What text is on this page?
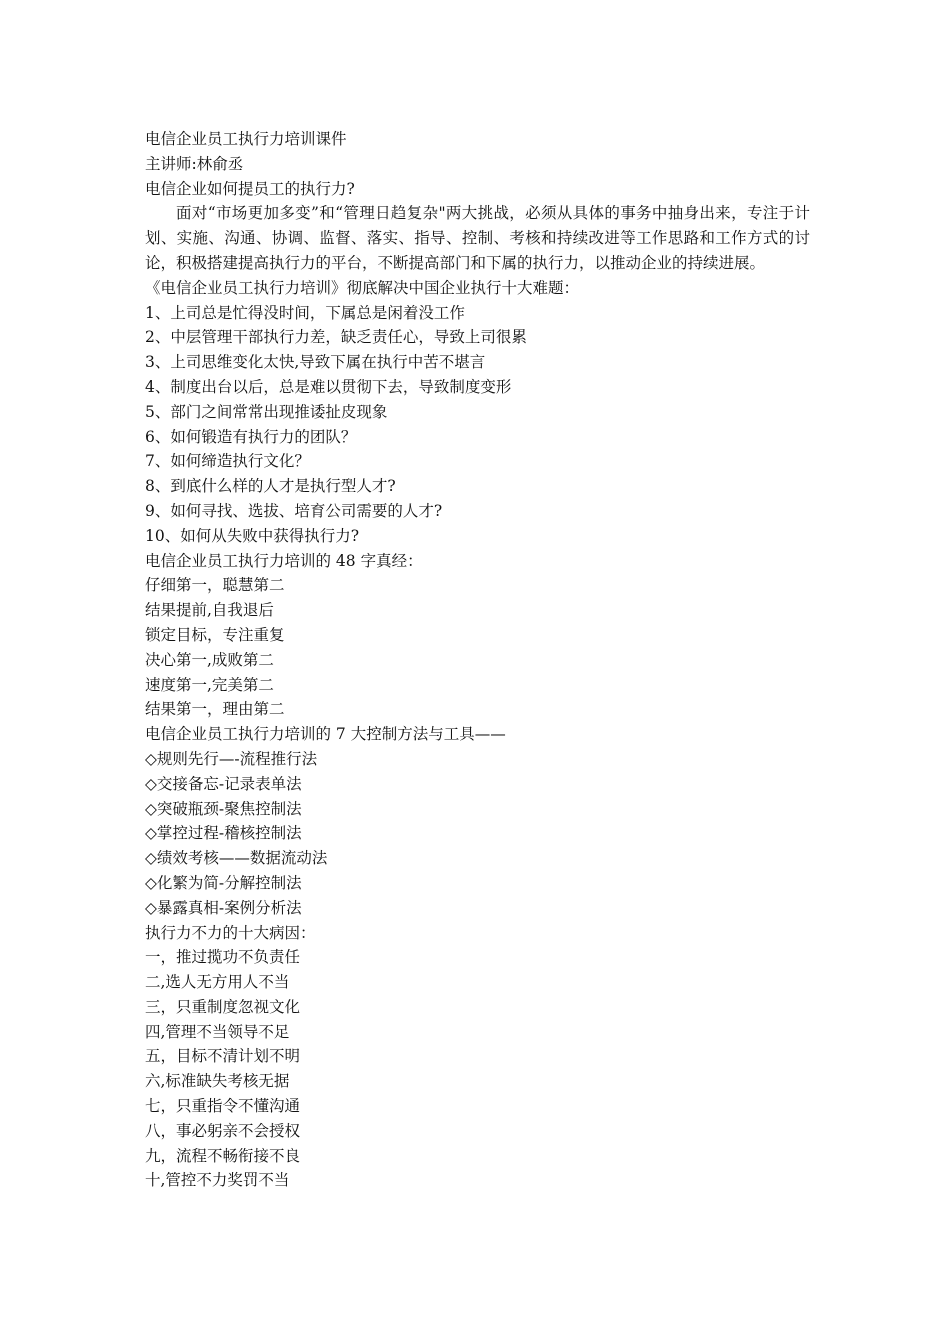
电信企业员工执行力培训课件

主讲师:林俞丞

电信企业如何提员工的执行力?

面对“市场更加多变”和“管理日趋复杂"两大挑战，必须从具体的事务中抽身出来，专注于计划、实施、沟通、协调、监督、落实、指导、控制、考核和持续改进等工作思路和工作方式的讨论，积极搭建提高执行力的平台，不断提高部门和下属的执行力，以推动企业的持续进展。

《电信企业员工执行力培训》彻底解决中国企业执行十大难题：

1、上司总是忙得没时间，下属总是闲着没工作

2、中层管理干部执行力差，缺乏责任心，导致上司很累

3、上司思维变化太快,导致下属在执行中苦不堪言

4、制度出台以后，总是难以贯彻下去，导致制度变形

5、部门之间常常出现推诿扯皮现象

6、如何锻造有执行力的团队？

7、如何缔造执行文化？

8、到底什么样的人才是执行型人才?

9、如何寻找、选拔、培育公司需要的人才?

10、如何从失败中获得执行力?

电信企业员工执行力培训的 48 字真经：

仔细第一，聪慧第二

结果提前,自我退后

锁定目标，专注重复

决心第一,成败第二

速度第一,完美第二

结果第一，理由第二

电信企业员工执行力培训的 7 大控制方法与工具——

◇规则先行—-流程推行法

◇交接备忘-记录表单法

◇突破瓶颈-聚焦控制法

◇掌控过程-稽核控制法

◇绩效考核——数据流动法

◇化繁为简-分解控制法

◇暴露真相-案例分析法

执行力不力的十大病因：

一，推过揽功不负责任

二,选人无方用人不当

三，只重制度忽视文化

四,管理不当领导不足

五，目标不清计划不明

六,标准缺失考核无据

七，只重指令不懂沟通

八，事必躬亲不会授权

九，流程不畅衔接不良

十,管控不力奖罚不当
